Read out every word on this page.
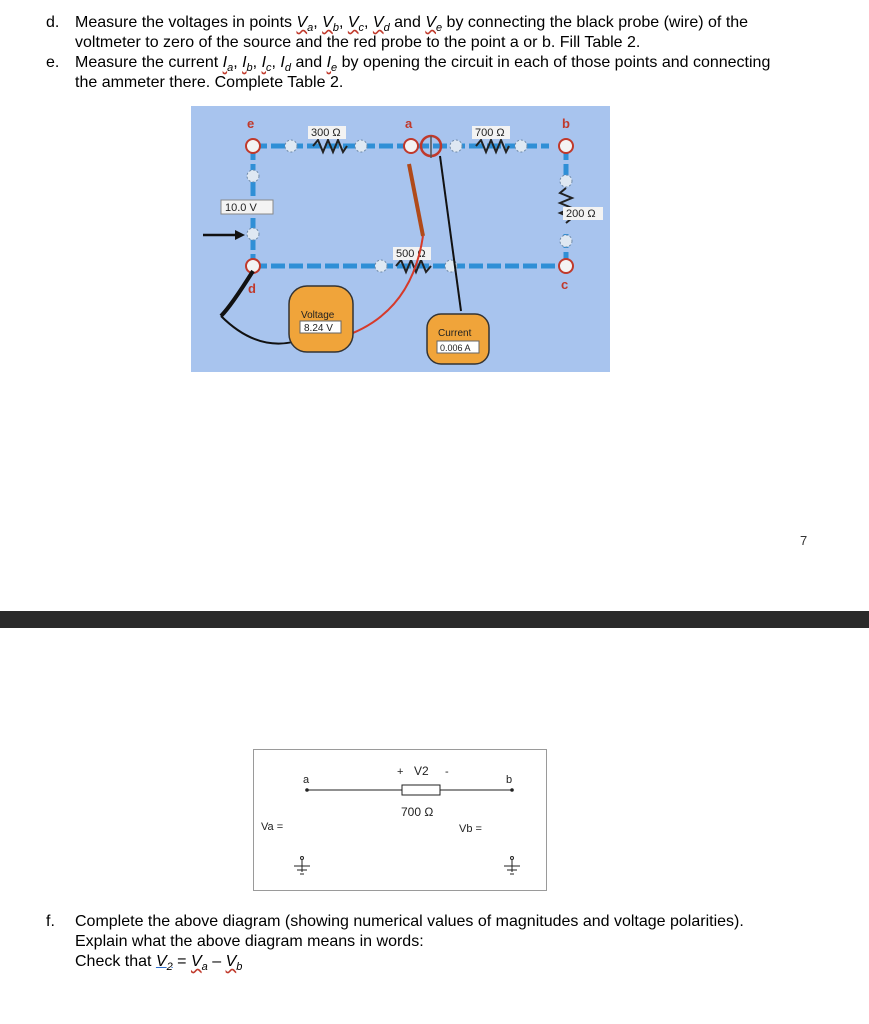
d. Measure the voltages in points $V_a$, $V_b$, $V_c$, $V_d$ and $V_e$ by connecting the black probe (wire) of the
voltmeter to zero of the source and the red probe to the point a or b. Fill Table 2.
e. Measure the current $I_a$, $I_b$, $I_c$, $I_d$ and $I_e$ by opening the circuit in each of those points and connecting
the ammeter there. Complete Table 2.
10.0 V
e	a	b
c
d
300 Ω	700 Ω
500 Ω
200 Ω
Voltage
8.24 V	Current
0.006 A
7
a	b
+ V2 -
700 Ω
Va =	Vb =
f. Complete the above diagram (showing numerical values of magnitudes and voltage polarities).
Explain what the above diagram means in words:
Check that $V_2 = V_a - V_b$
